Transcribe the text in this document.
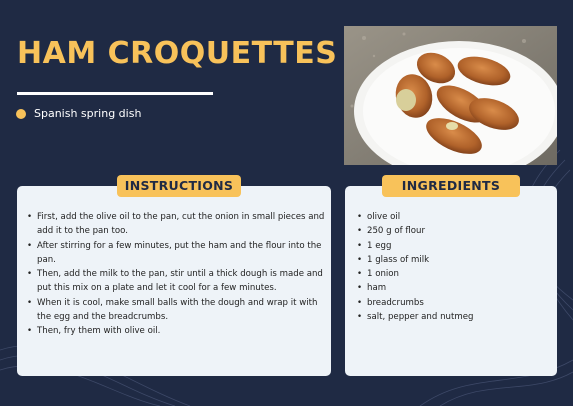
HAM CROQUETTES
Spanish spring dish
INSTRUCTIONS
• First, add the olive oil to the pan, cut the onion in small pieces and add it to the pan too.
• After stirring for a few minutes, put the ham and the flour into the pan.
• Then, add the milk to the pan, stir until a thick dough is made and put this mix on a plate and let it cool for a few minutes.
• When it is cool, make small balls with the dough and wrap it with the egg and the breadcrumbs.
• Then, fry them with olive oil.
INGREDIENTS
• olive oil
• 250 g of flour
• 1 egg
• 1 glass of milk
• 1 onion
• ham
• breadcrumbs
• salt, pepper and nutmeg
